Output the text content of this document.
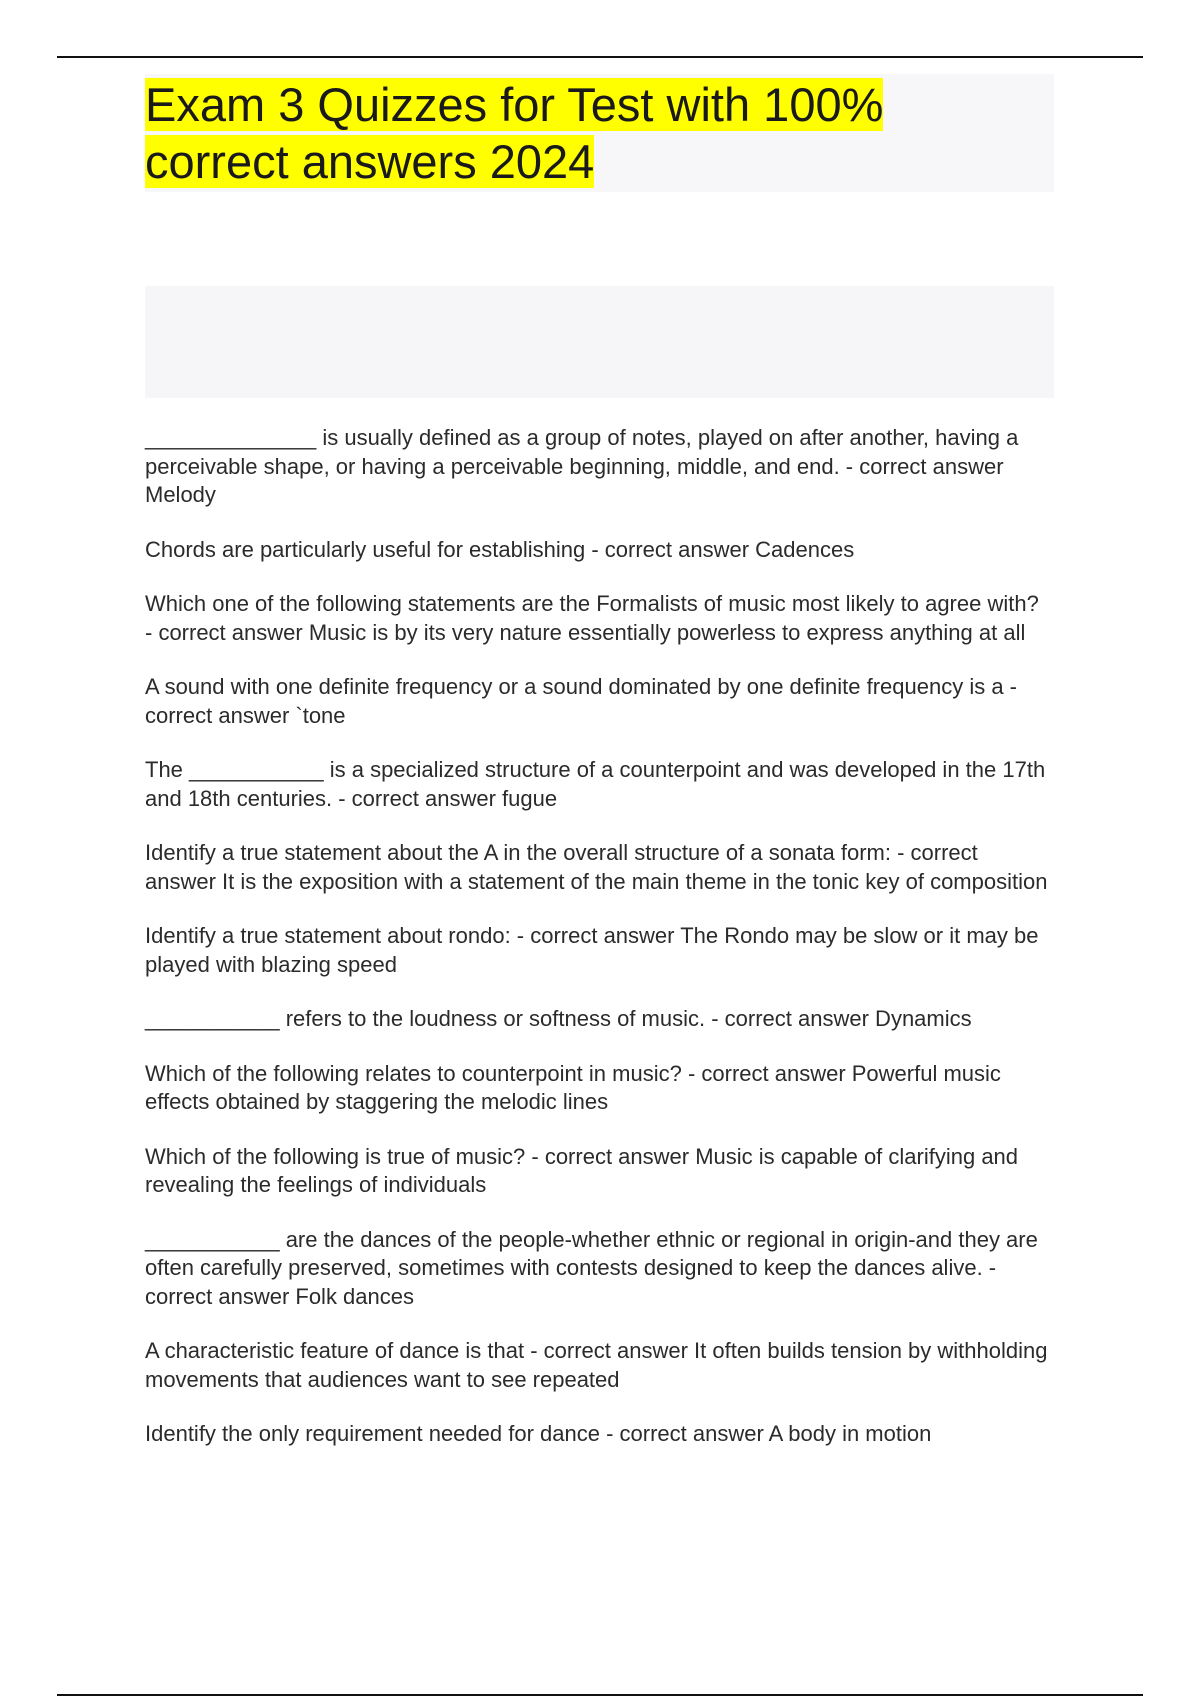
Exam 3 Quizzes for Test with 100% correct answers 2024
______________ is usually defined as a group of notes, played on after another, having a perceivable shape, or having a perceivable beginning, middle, and end. - correct answer Melody
Chords are particularly useful for establishing - correct answer Cadences
Which one of the following statements are the Formalists of music most likely to agree with? - correct answer Music is by its very nature essentially powerless to express anything at all
A sound with one definite frequency or a sound dominated by one definite frequency is a - correct answer `tone
The ___________ is a specialized structure of a counterpoint and was developed in the 17th and 18th centuries. - correct answer fugue
Identify a true statement about the A in the overall structure of a sonata form: - correct answer It is the exposition with a statement of the main theme in the tonic key of composition
Identify a true statement about rondo: - correct answer The Rondo may be slow or it may be played with blazing speed
___________ refers to the loudness or softness of music. - correct answer Dynamics
Which of the following relates to counterpoint in music? - correct answer Powerful music effects obtained by staggering the melodic lines
Which of the following is true of music? - correct answer Music is capable of clarifying and revealing the feelings of individuals
___________ are the dances of the people-whether ethnic or regional in origin-and they are often carefully preserved, sometimes with contests designed to keep the dances alive. - correct answer Folk dances
A characteristic feature of dance is that - correct answer It often builds tension by withholding movements that audiences want to see repeated
Identify the only requirement needed for dance - correct answer A body in motion
